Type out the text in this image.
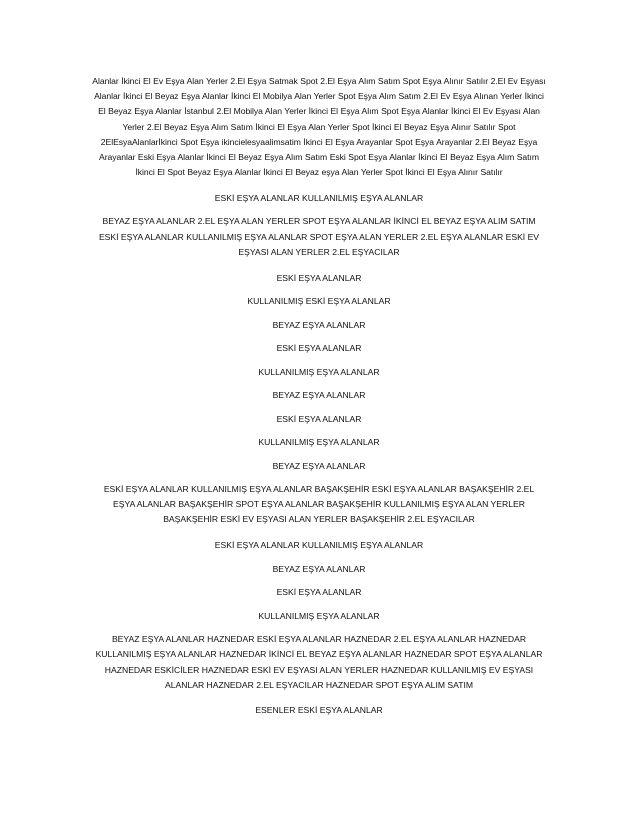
Alanlar İkinci El Ev Eşya Alan Yerler 2.El Eşya Satmak Spot 2.El Eşya Alım Satım Spot Eşya Alınır Satılır 2.El Ev Eşyası Alanlar İkinci El Beyaz Eşya Alanlar İkinci El Mobilya Alan Yerler Spot Eşya Alım Satım 2.El Ev Eşya Alınan Yerler İkinci El Beyaz Eşya Alanlar İstanbul 2.El Mobilya Alan Yerler İkinci El Eşya Alım Spot Eşya Alanlar İkinci El Ev Eşyası Alan Yerler 2.El Beyaz Eşya Alım Satım İkinci El Eşya Alan Yerler Spot İkinci El Beyaz Eşya Alınır Satılır Spot 2ElEsyaAlanlarİkinci Spot Eşya ikincielesyaalimsatim İkinci El Eşya Arayanlar Spot Eşya Arayanlar 2.El Beyaz Eşya Arayanlar Eski Eşya Alanlar İkinci El Beyaz Eşya Alım Satım Eski Spot Eşya Alanlar İkinci El Beyaz Eşya Alım Satım İkinci El Spot Beyaz Eşya Alanlar İkinci El Beyaz eşya Alan Yerler Spot İkinci El Eşya Alınır Satılır

ESKİ EŞYA ALANLAR KULLANILMIŞ EŞYA ALANLAR

BEYAZ EŞYA ALANLAR 2.EL EŞYA ALAN YERLER SPOT EŞYA ALANLAR İKİNCİ EL BEYAZ EŞYA ALIM SATIM ESKİ EŞYA ALANLAR KULLANILMIŞ EŞYA ALANLAR SPOT EŞYA ALAN YERLER 2.EL EŞYA ALANLAR ESKİ EV EŞYASI ALAN YERLER 2.EL EŞYACILAR

ESKİ EŞYA ALANLAR

KULLANILMIŞ ESKİ EŞYA ALANLAR

BEYAZ EŞYA ALANLAR

ESKİ EŞYA ALANLAR

KULLANILMIŞ EŞYA ALANLAR

BEYAZ EŞYA ALANLAR

ESKİ EŞYA ALANLAR

KULLANILMIŞ EŞYA ALANLAR

BEYAZ EŞYA ALANLAR

ESKİ EŞYA ALANLAR KULLANILMIŞ EŞYA ALANLAR BAŞAKŞEHİR ESKİ EŞYA ALANLAR BAŞAKŞEHİR 2.EL EŞYA ALANLAR BAŞAKŞEHİR SPOT EŞYA ALANLAR BAŞAKŞEHİR KULLANILMIŞ EŞYA ALAN YERLER BAŞAKŞEHİR ESKİ EV EŞYASI ALAN YERLER BAŞAKŞEHİR 2.EL EŞYACILAR

ESKİ EŞYA ALANLAR KULLANILMIŞ EŞYA ALANLAR

BEYAZ EŞYA ALANLAR

ESKİ EŞYA ALANLAR

KULLANILMIŞ EŞYA ALANLAR

BEYAZ EŞYA ALANLAR HAZNEDAR ESKİ EŞYA ALANLAR HAZNEDAR 2.EL EŞYA ALANLAR HAZNEDAR KULLANILMIŞ EŞYA ALANLAR HAZNEDAR İKİNCİ EL BEYAZ EŞYA ALANLAR HAZNEDAR SPOT EŞYA ALANLAR HAZNEDAR ESKİCİLER HAZNEDAR ESKİ EV EŞYASI ALAN YERLER HAZNEDAR KULLANILMIŞ EV EŞYASI ALANLAR HAZNEDAR 2.EL EŞYACILAR HAZNEDAR SPOT EŞYA ALIM SATIM

ESENLER ESKİ EŞYA ALANLAR
